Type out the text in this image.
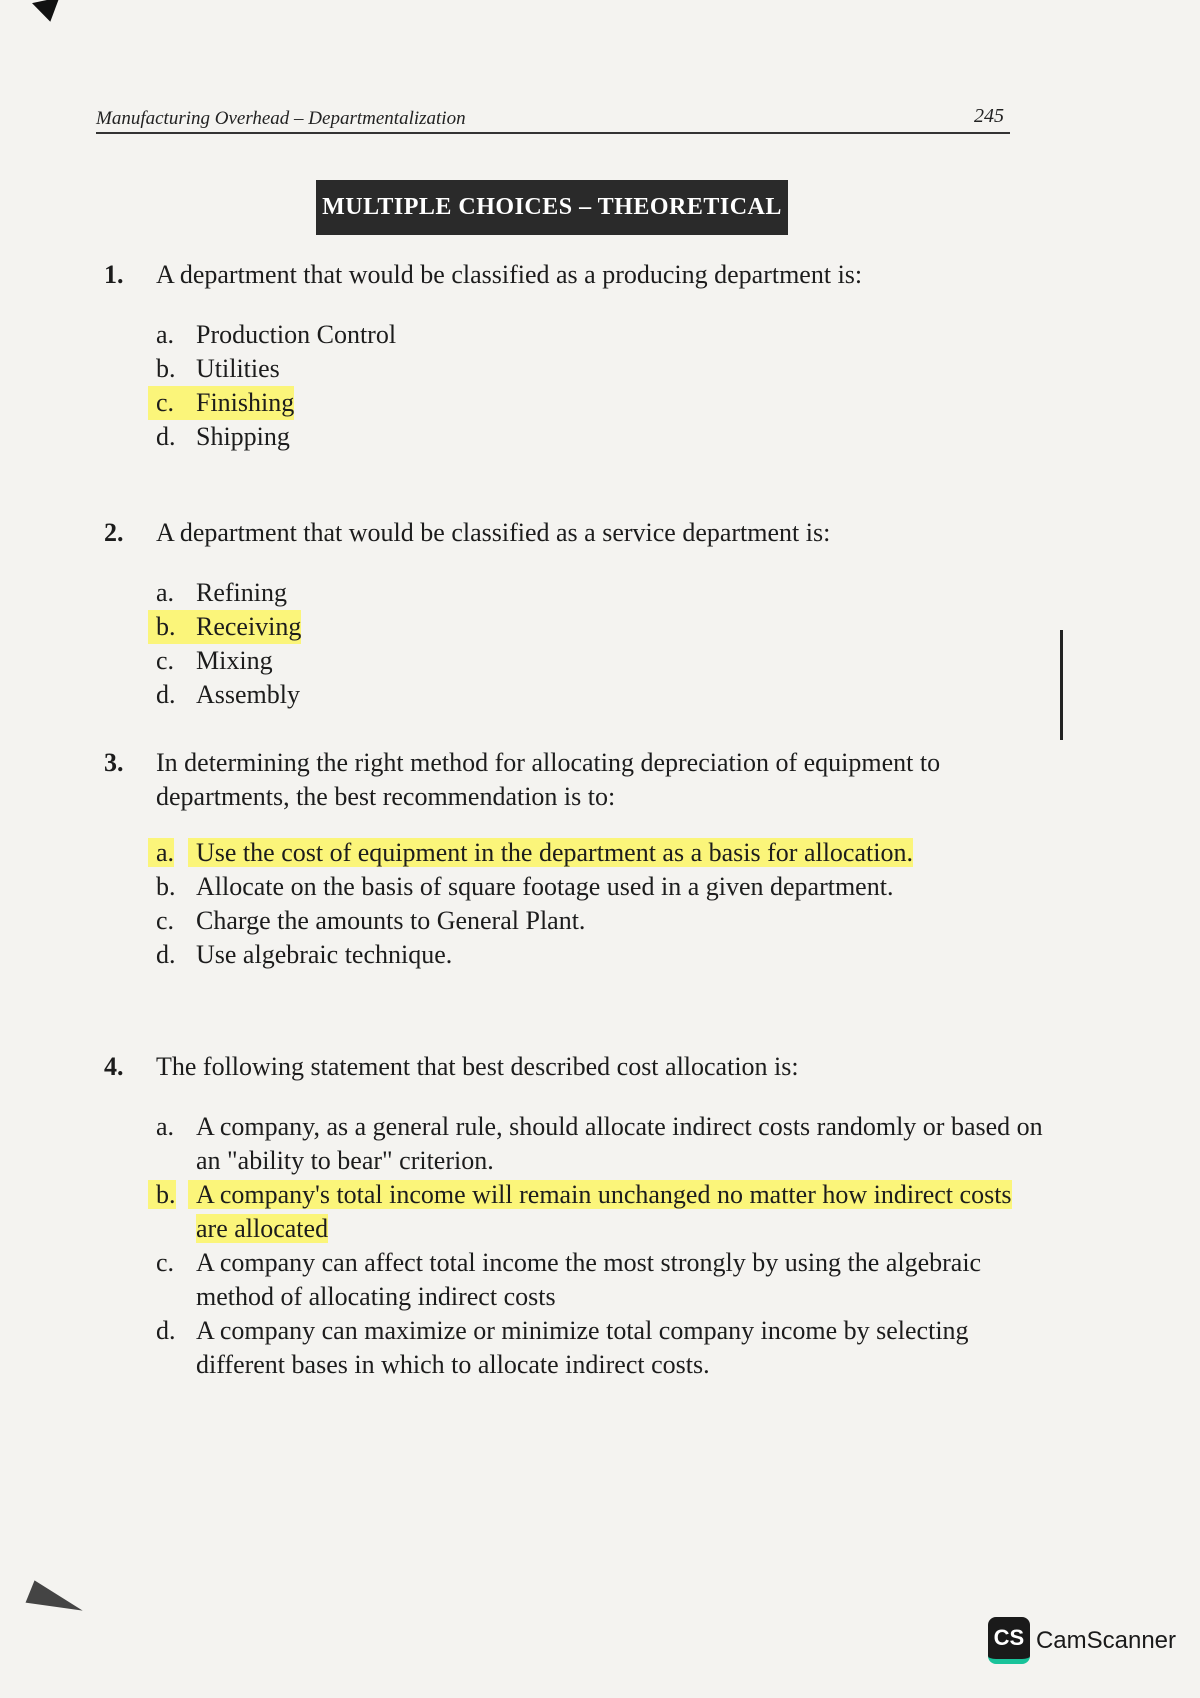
Manufacturing Overhead – Departmentalization	245
MULTIPLE CHOICES – THEORETICAL
1.	A department that would be classified as a producing department is:
a. Production Control
b. Utilities
c. Finishing
d. Shipping
2.	A department that would be classified as a service department is:
a. Refining
b. Receiving
c. Mixing
d. Assembly
3.	In determining the right method for allocating depreciation of equipment to departments, the best recommendation is to:
a. Use the cost of equipment in the department as a basis for allocation.
b. Allocate on the basis of square footage used in a given department.
c. Charge the amounts to General Plant.
d. Use algebraic technique.
4.	The following statement that best described cost allocation is:
a. A company, as a general rule, should allocate indirect costs randomly or based on an "ability to bear" criterion.
b. A company's total income will remain unchanged no matter how indirect costs are allocated
c. A company can affect total income the most strongly by using the algebraic method of allocating indirect costs
d. A company can maximize or minimize total company income by selecting different bases in which to allocate indirect costs.
CS CamScanner
